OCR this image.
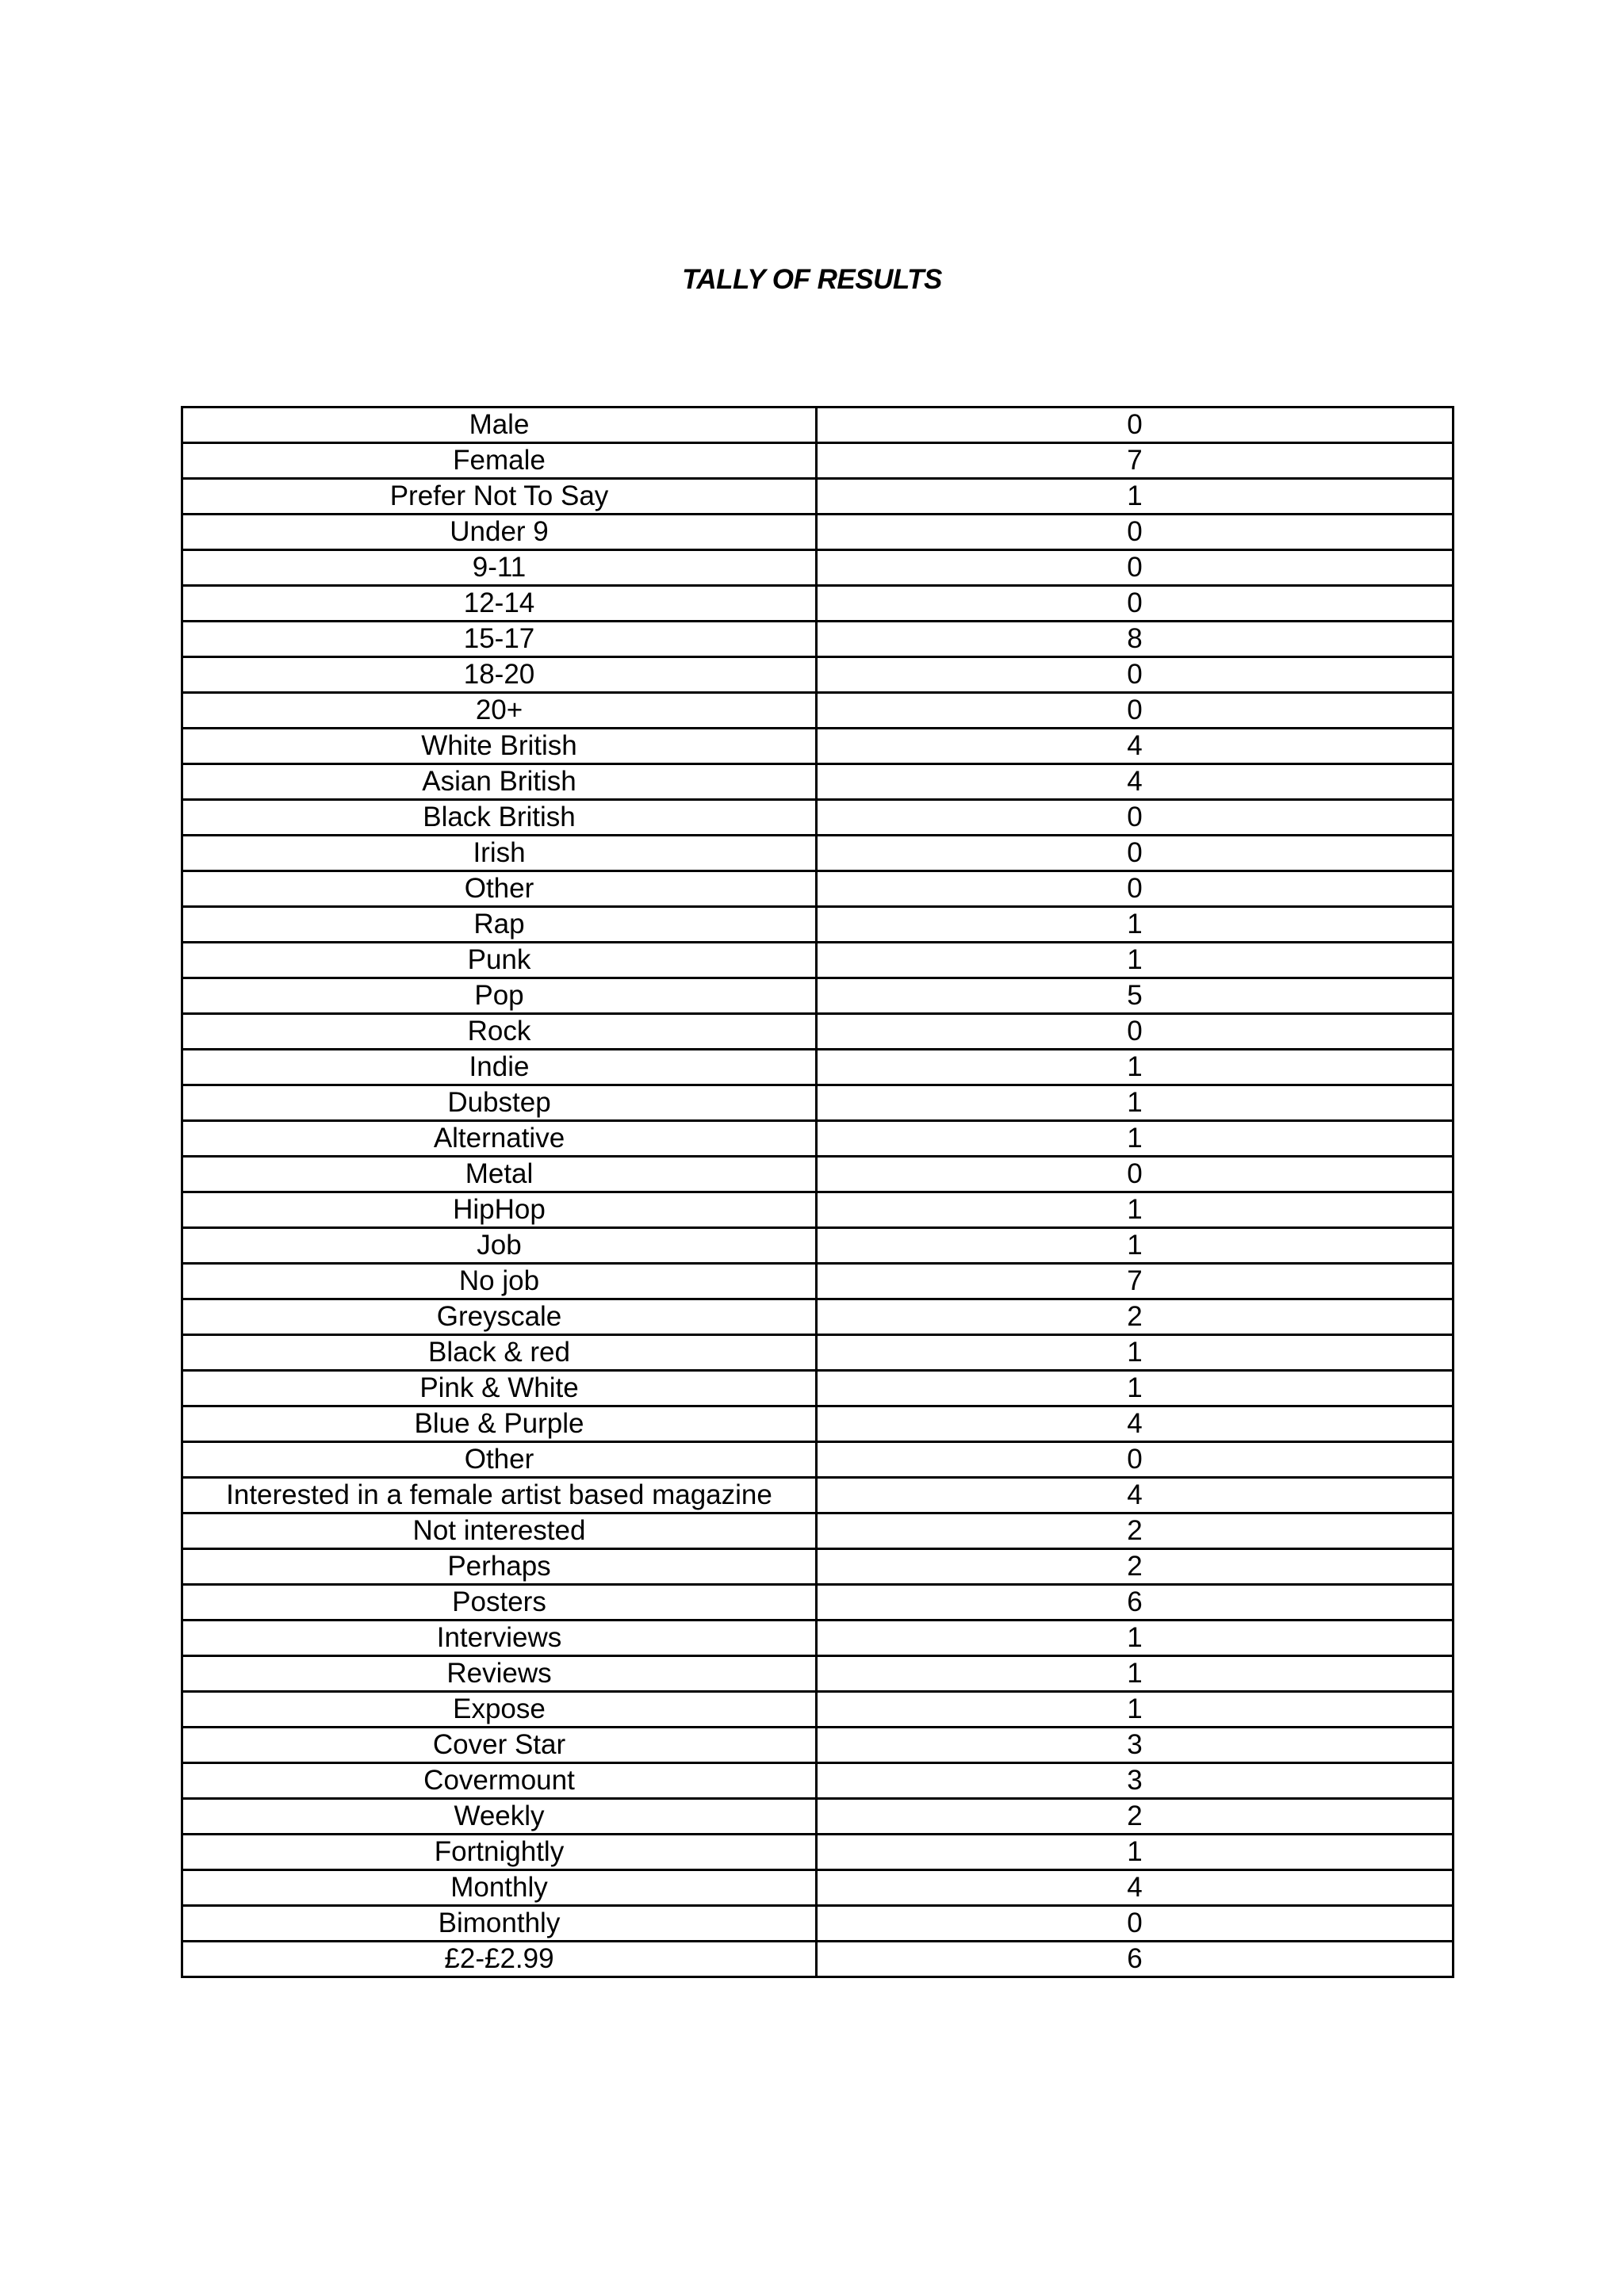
TALLY OF RESULTS
Male	0
Female	7
Prefer Not To Say	1
Under 9	0
9-11	0
12-14	0
15-17	8
18-20	0
20+	0
White British	4
Asian British	4
Black British	0
Irish	0
Other	0
Rap	1
Punk	1
Pop	5
Rock	0
Indie	1
Dubstep	1
Alternative	1
Metal	0
HipHop	1
Job	1
No job	7
Greyscale	2
Black & red	1
Pink & White	1
Blue & Purple	4
Other	0
Interested in a female artist based magazine	4
Not interested	2
Perhaps	2
Posters	6
Interviews	1
Reviews	1
Expose	1
Cover Star	3
Covermount	3
Weekly	2
Fortnightly	1
Monthly	4
Bimonthly	0
£2-£2.99	6
